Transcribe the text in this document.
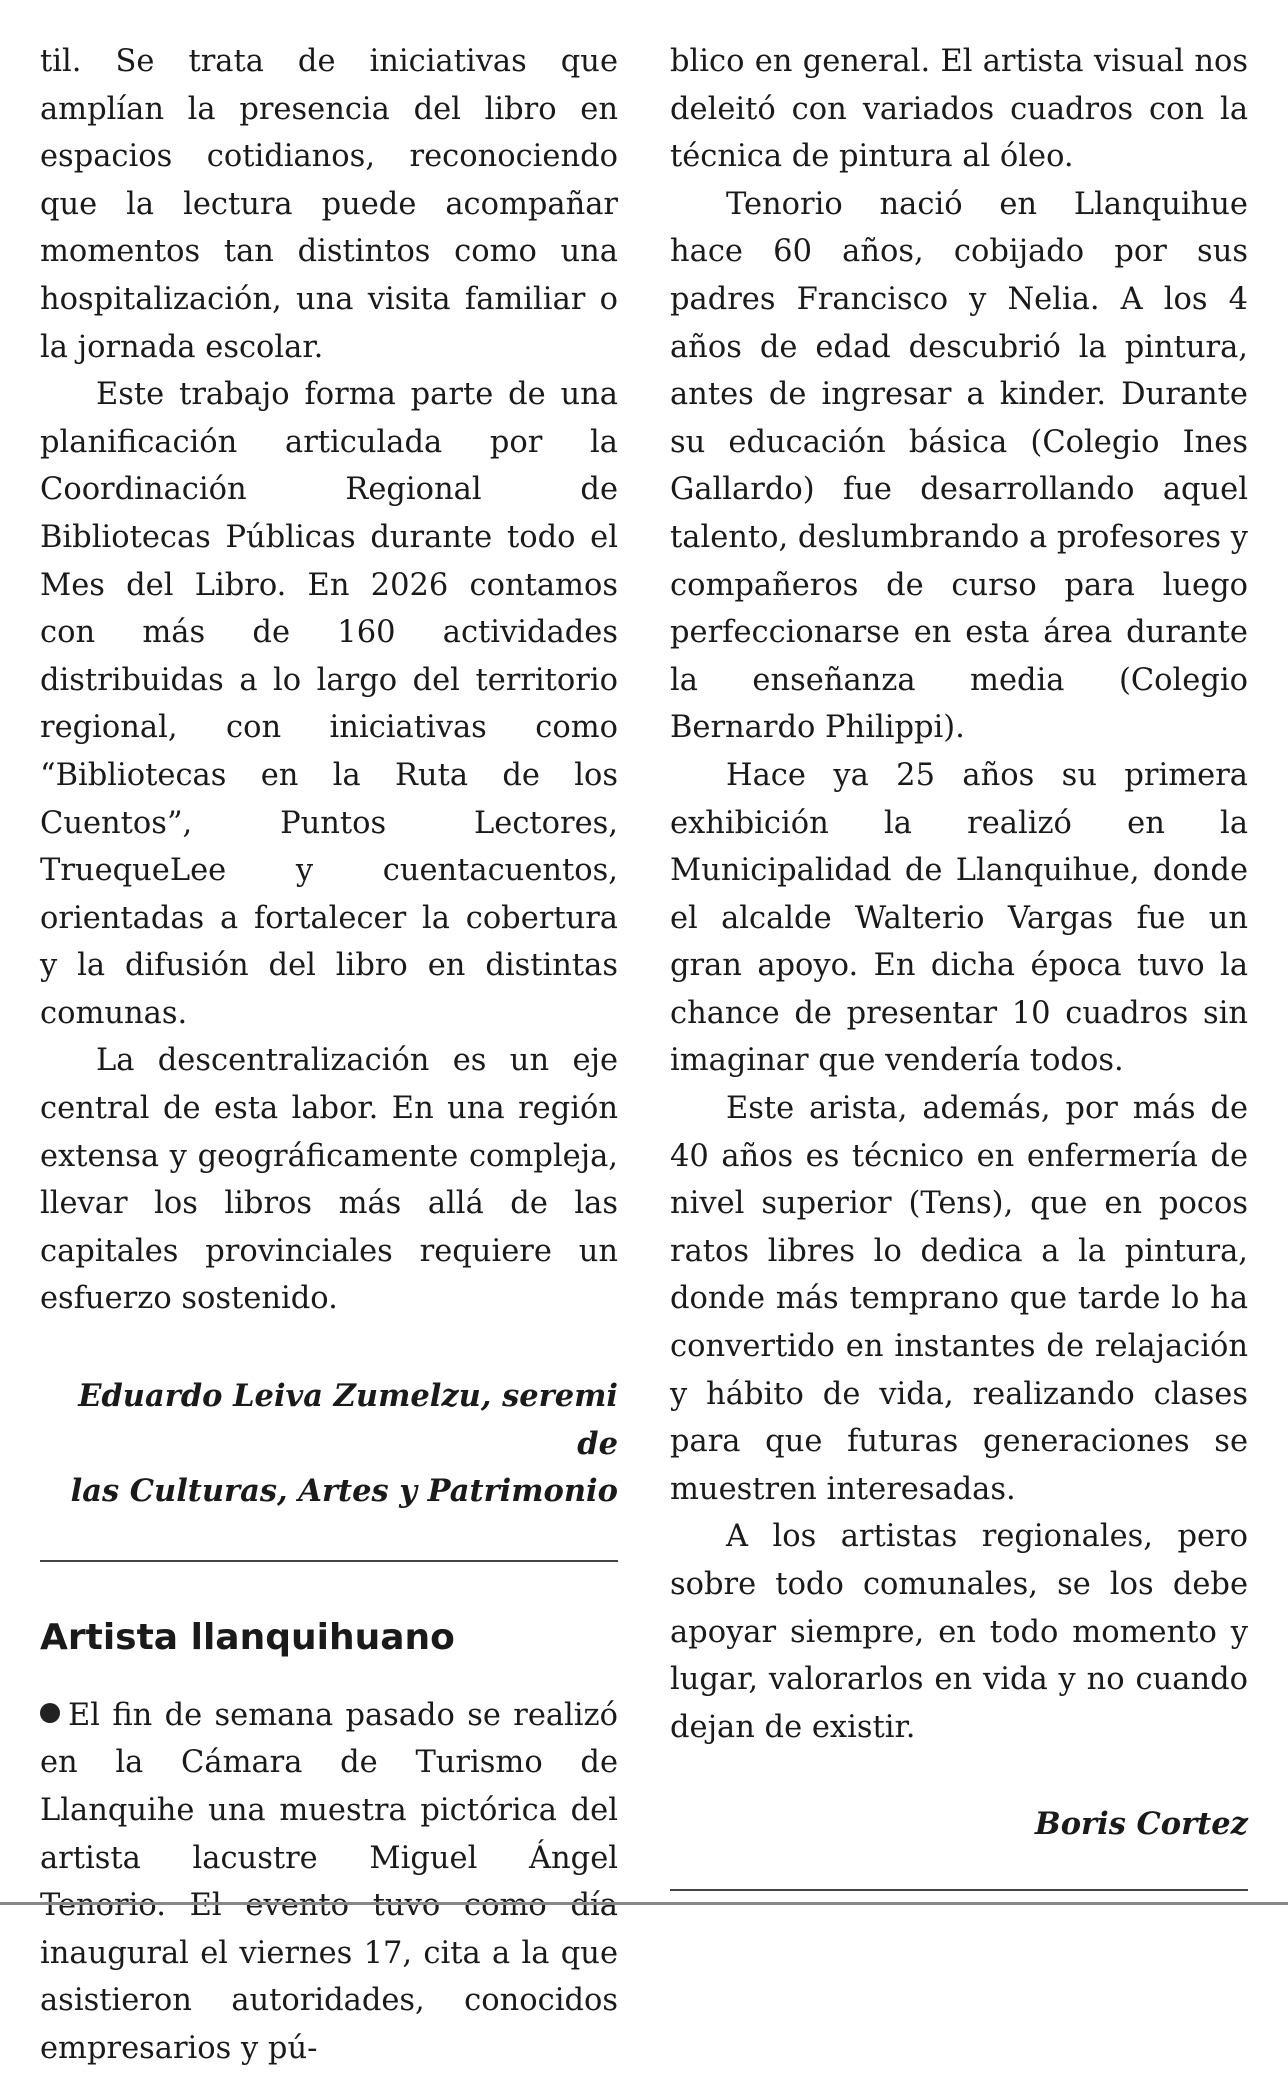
til. Se trata de iniciativas que amplían la presencia del libro en espacios cotidianos, reconociendo que la lectura puede acompañar momentos tan distintos como una hospitalización, una visita familiar o la jornada escolar.

Este trabajo forma parte de una planificación articulada por la Coordinación Regional de Bibliotecas Públicas durante todo el Mes del Libro. En 2026 contamos con más de 160 actividades distribuidas a lo largo del territorio regional, con iniciativas como “Bibliotecas en la Ruta de los Cuentos”, Puntos Lectores, TruequeLee y cuentacuentos, orientadas a fortalecer la cobertura y la difusión del libro en distintas comunas.

La descentralización es un eje central de esta labor. En una región extensa y geográficamente compleja, llevar los libros más allá de las capitales provinciales requiere un esfuerzo sostenido.

Eduardo Leiva Zumelzu, seremi de
las Culturas, Artes y Patrimonio
Artista llanquihuano

El fin de semana pasado se realizó en la Cámara de Turismo de Llanquihe una muestra pictórica del artista lacustre Miguel Ángel Tenorio. El evento tuvo como día inaugural el viernes 17, cita a la que asistieron autoridades, conocidos empresarios y pú-

blico en general. El artista visual nos deleitó con variados cuadros con la técnica de pintura al óleo.

Tenorio nació en Llanquihue hace 60 años, cobijado por sus padres Francisco y Nelia. A los 4 años de edad descubrió la pintura, antes de ingresar a kinder. Durante su educación básica (Colegio Ines Gallardo) fue desarrollando aquel talento, deslumbrando a profesores y compañeros de curso para luego perfeccionarse en esta área durante la enseñanza media (Colegio Bernardo Philippi).

Hace ya 25 años su primera exhibición la realizó en la Municipalidad de Llanquihue, donde el alcalde Walterio Vargas fue un gran apoyo. En dicha época tuvo la chance de presentar 10 cuadros sin imaginar que vendería todos.

Este arista, además, por más de 40 años es técnico en enfermería de nivel superior (Tens), que en pocos ratos libres lo dedica a la pintura, donde más temprano que tarde lo ha convertido en instantes de relajación y hábito de vida, realizando clases para que futuras generaciones se muestren interesadas.

A los artistas regionales, pero sobre todo comunales, se los debe apoyar siempre, en todo momento y lugar, valorarlos en vida y no cuando dejan de existir.

Boris Cortez
